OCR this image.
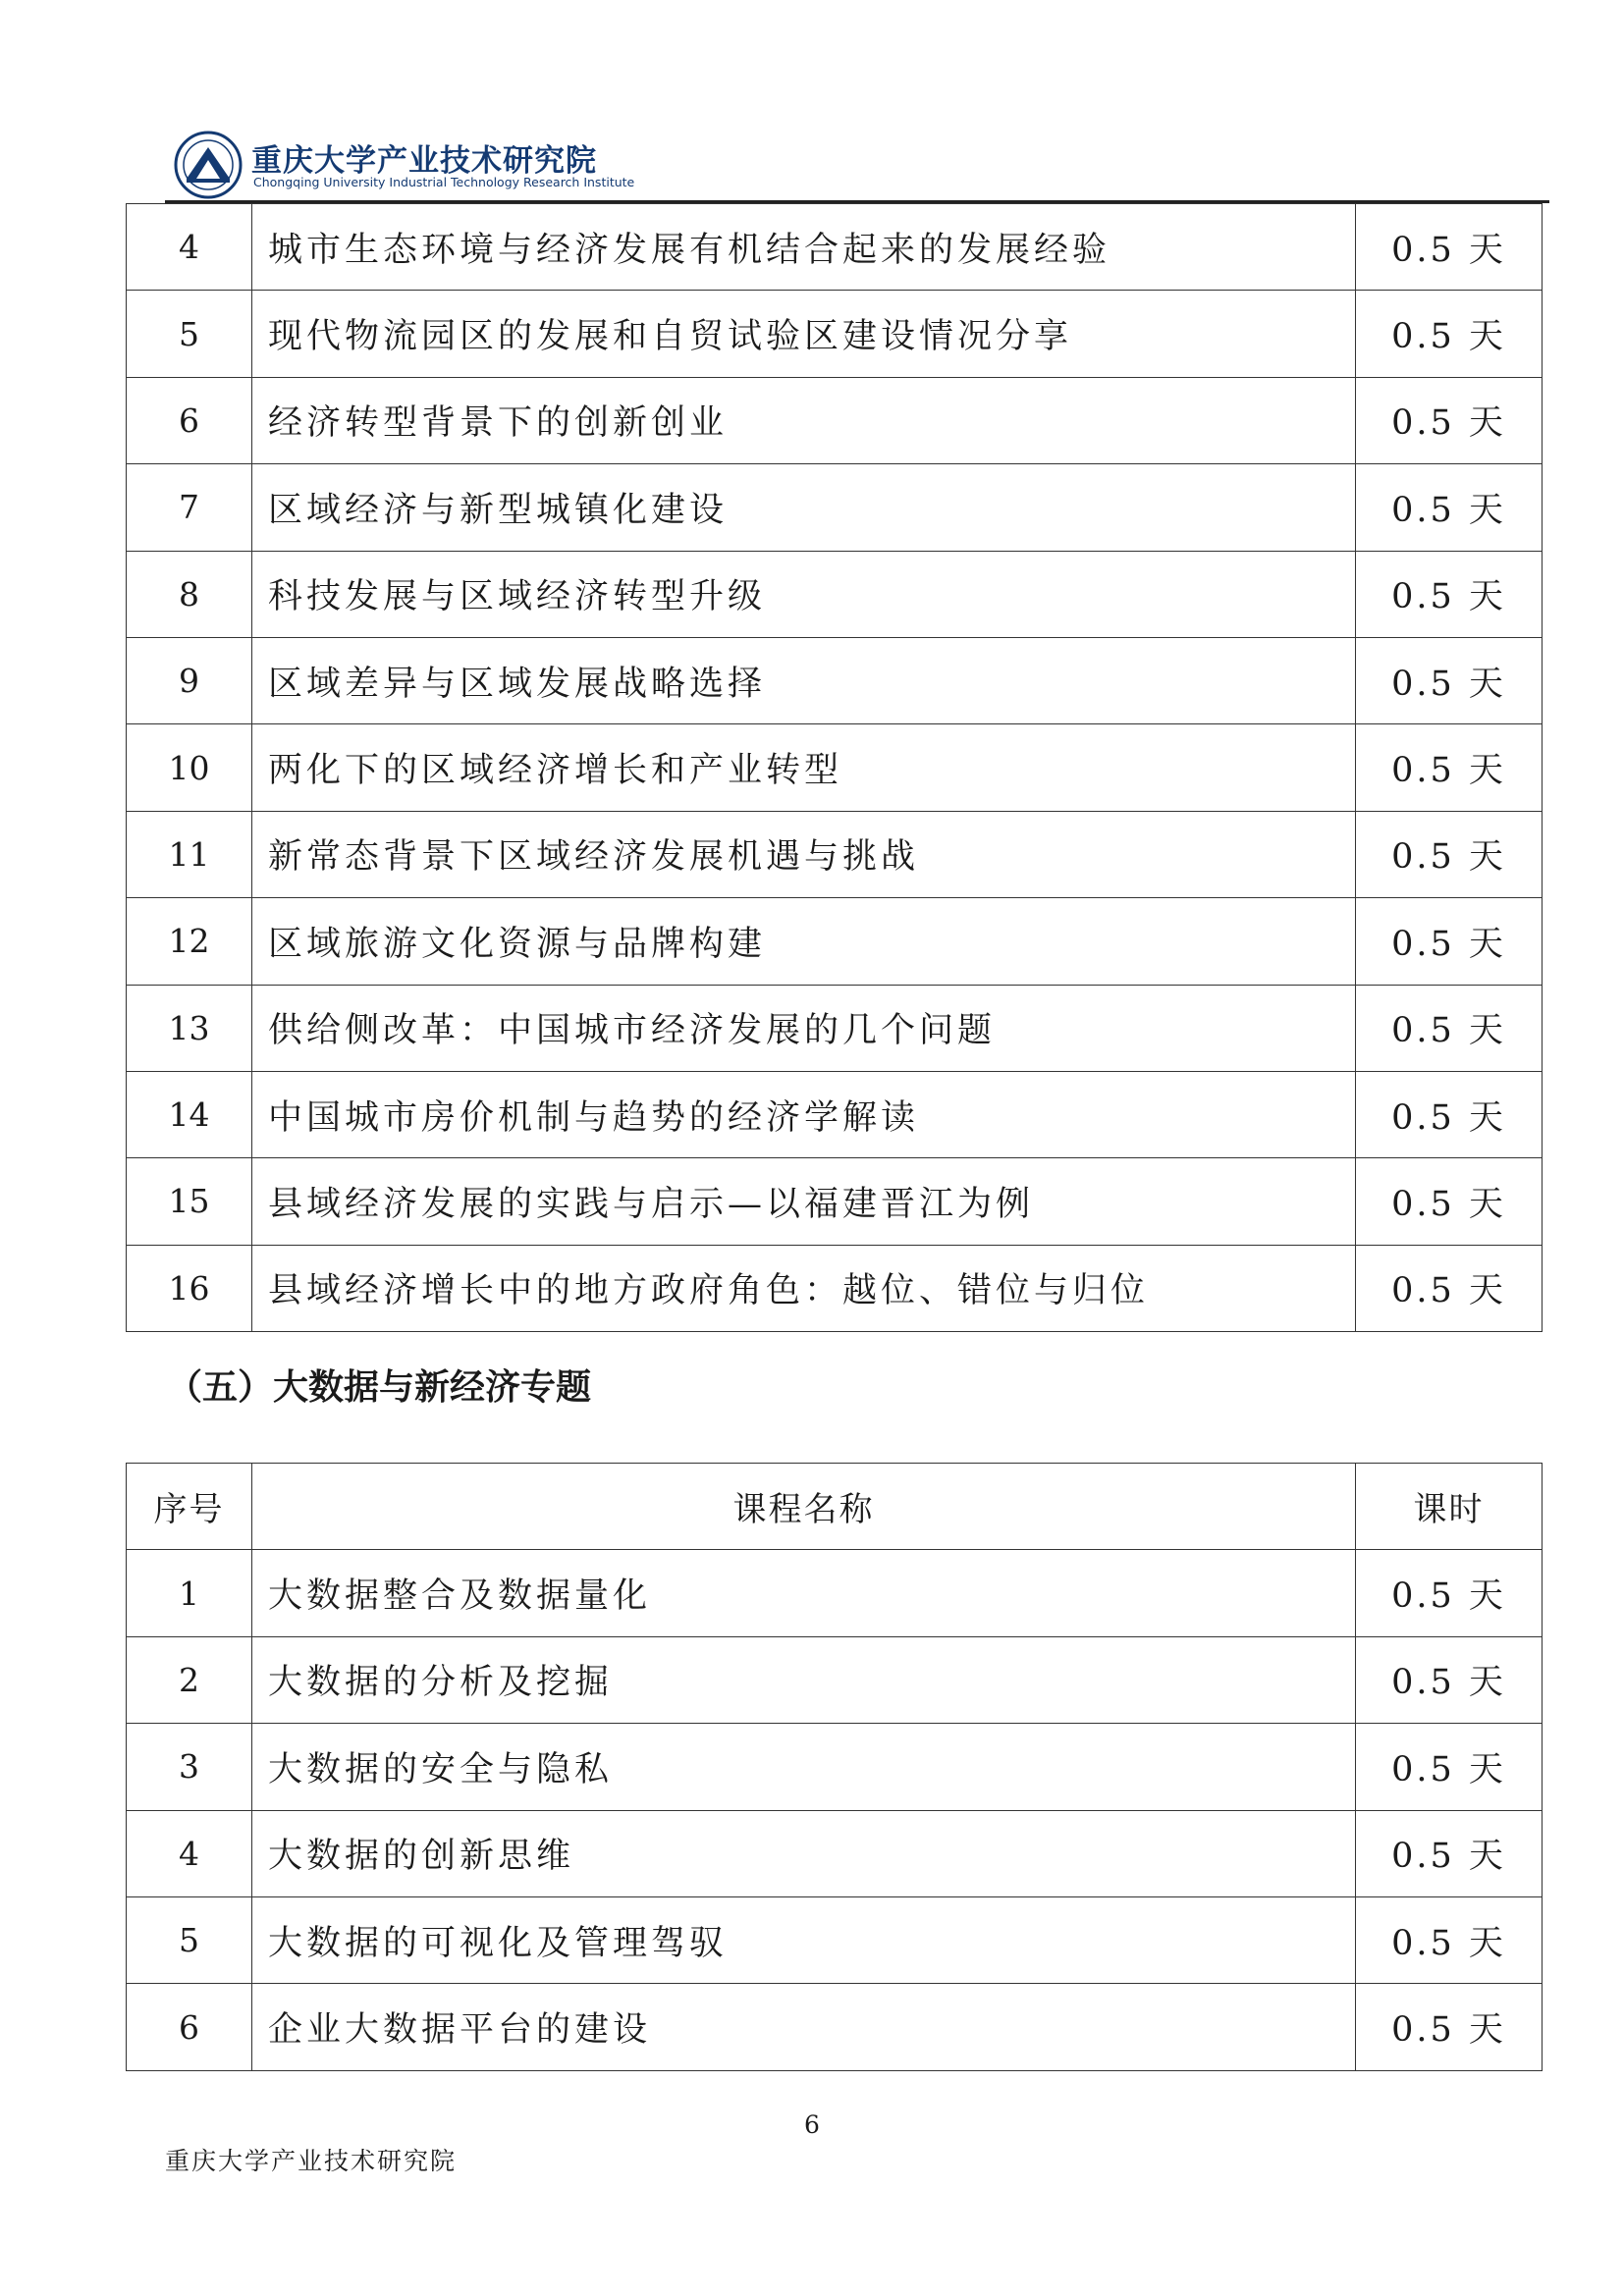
重庆大学产业技术研究院
Chongqing University Industrial Technology Research Institute
4	城市生态环境与经济发展有机结合起来的发展经验	0.5 天
5	现代物流园区的发展和自贸试验区建设情况分享	0.5 天
6	经济转型背景下的创新创业	0.5 天
7	区域经济与新型城镇化建设	0.5 天
8	科技发展与区域经济转型升级	0.5 天
9	区域差异与区域发展战略选择	0.5 天
10	两化下的区域经济增长和产业转型	0.5 天
11	新常态背景下区域经济发展机遇与挑战	0.5 天
12	区域旅游文化资源与品牌构建	0.5 天
13	供给侧改革：中国城市经济发展的几个问题	0.5 天
14	中国城市房价机制与趋势的经济学解读	0.5 天
15	县域经济发展的实践与启示—以福建晋江为例	0.5 天
16	县域经济增长中的地方政府角色：越位、错位与归位	0.5 天
（五）大数据与新经济专题
序号	课程名称	课时
1	大数据整合及数据量化	0.5 天
2	大数据的分析及挖掘	0.5 天
3	大数据的安全与隐私	0.5 天
4	大数据的创新思维	0.5 天
5	大数据的可视化及管理驾驭	0.5 天
6	企业大数据平台的建设	0.5 天
6
重庆大学产业技术研究院
